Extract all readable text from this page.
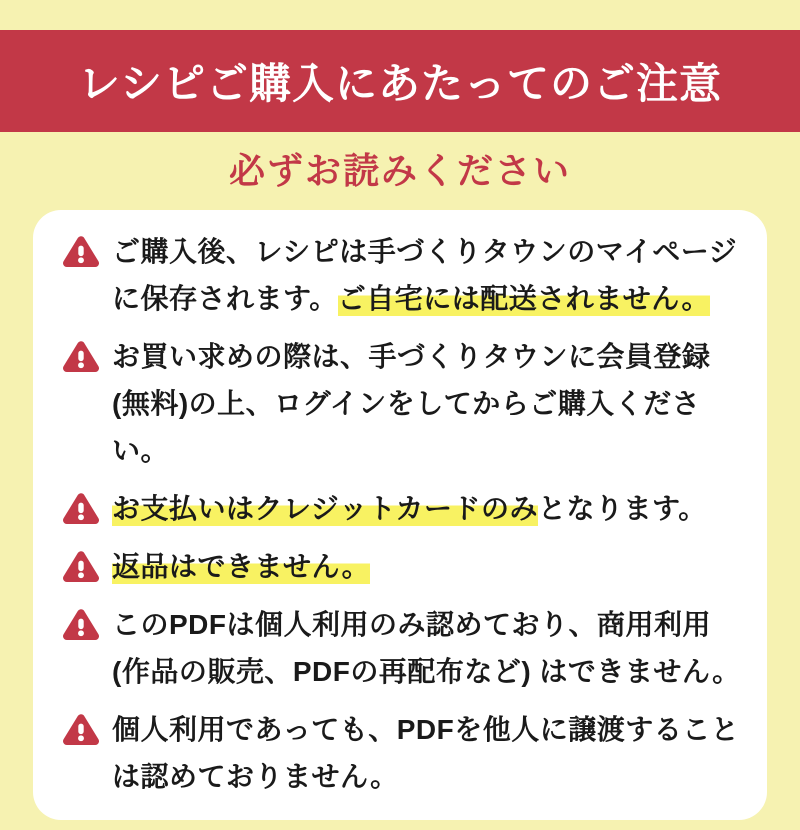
レシピご購入にあたってのご注意
必ずお読みください

ご購入後、レシピは手づくりタウンのマイページ
に保存されます。ご自宅には配送されません。

お買い求めの際は、手づくりタウンに会員登録
(無料)の上、ログインをしてからご購入ください。

お支払いはクレジットカードのみとなります。

返品はできません。

このPDFは個人利用のみ認めており、商用利用
(作品の販売、PDFの再配布など) はできません。

個人利用であっても、PDFを他人に譲渡すること
は認めておりません。
